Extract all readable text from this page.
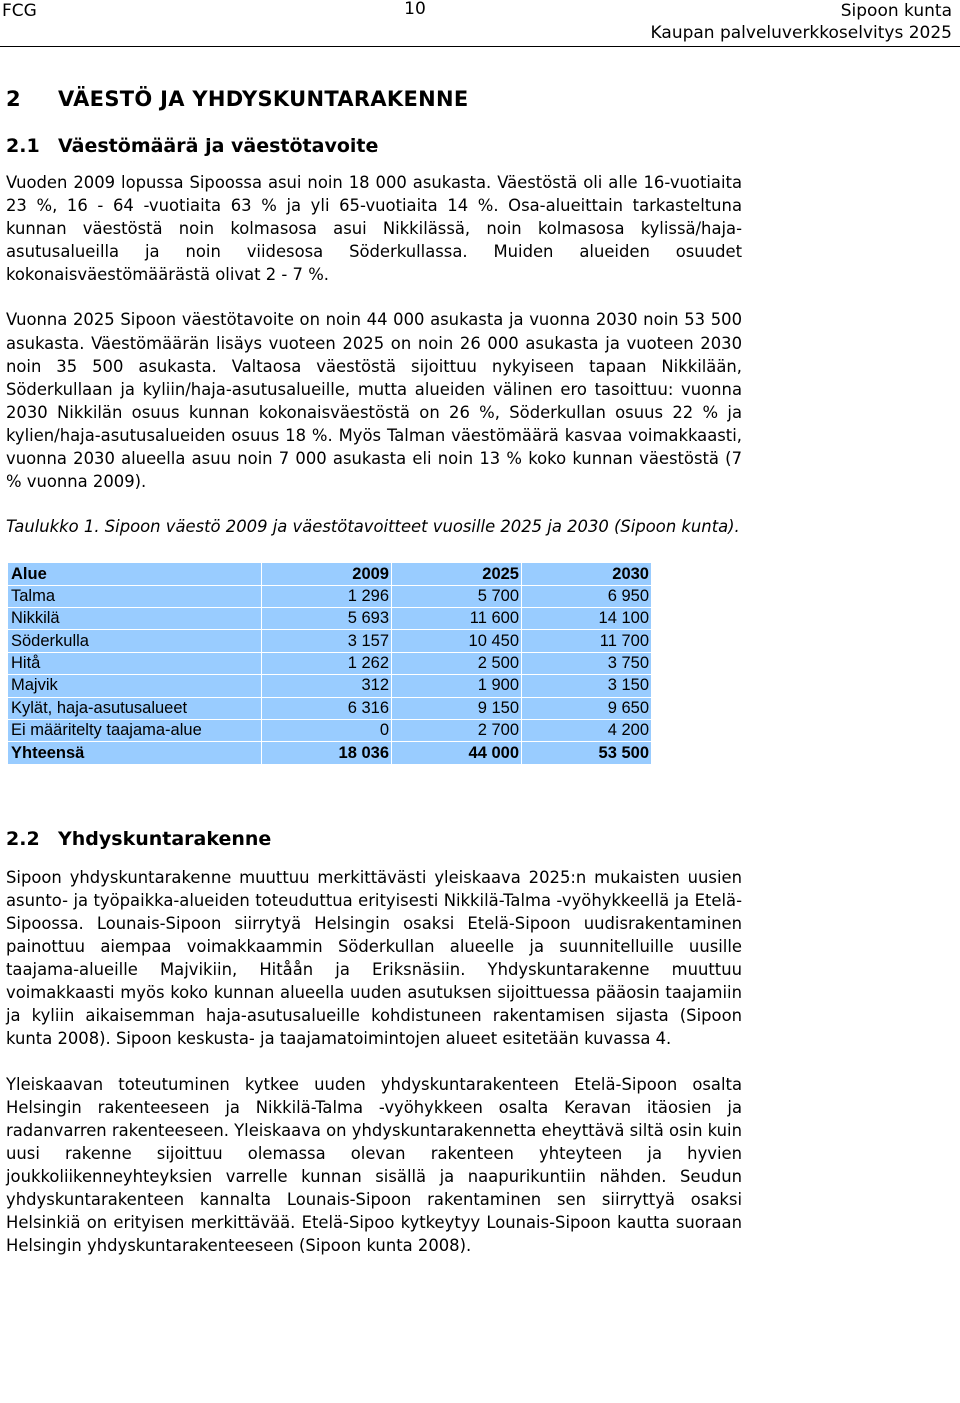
FCG	10	Sipoon kunta
Kaupan palveluverkkoselvitys 2025
2 VÄESTÖ JA YHDYSKUNTARAKENNE
2.1 Väestömäärä ja väestötavoite

Vuoden 2009 lopussa Sipoossa asui noin 18 000 asukasta. Väestöstä oli alle 16-vuotiaita 23 %, 16 - 64 -vuotiaita 63 % ja yli 65-vuotiaita 14 %. Osa-alueittain tarkasteltuna kunnan väestöstä noin kolmasosa asui Nikkilässä, noin kolmasosa kylissä/haja-asutusalueilla ja noin viidesosa Söderkullassa. Muiden alueiden osuudet kokonaisväestömäärästä olivat 2 - 7 %.

Vuonna 2025 Sipoon väestötavoite on noin 44 000 asukasta ja vuonna 2030 noin 53 500 asukasta. Väestömäärän lisäys vuoteen 2025 on noin 26 000 asukasta ja vuoteen 2030 noin 35 500 asukasta. Valtaosa väestöstä sijoittuu nykyiseen tapaan Nikkilään, Söderkullaan ja kyliin/haja-asutusalueille, mutta alueiden välinen ero tasoittuu: vuonna 2030 Nikkilän osuus kunnan kokonaisväestöstä on 26 %, Söderkullan osuus 22 % ja kylien/haja-asutusalueiden osuus 18 %. Myös Talman väestömäärä kasvaa voimakkaasti, vuonna 2030 alueella asuu noin 7 000 asukasta eli noin 13 % koko kunnan väestöstä (7 % vuonna 2009).

Taulukko 1. Sipoon väestö 2009 ja väestötavoitteet vuosille 2025 ja 2030 (Sipoon kunta).
Alue	2009	2025	2030
Talma	1 296	5 700	6 950
Nikkilä	5 693	11 600	14 100
Söderkulla	3 157	10 450	11 700
Hitå	1 262	2 500	3 750
Majvik	312	1 900	3 150
Kylät, haja-asutusalueet	6 316	9 150	9 650
Ei määritelty taajama-alue	0	2 700	4 200
Yhteensä	18 036	44 000	53 500
2.2 Yhdyskuntarakenne

Sipoon yhdyskuntarakenne muuttuu merkittävästi yleiskaava 2025:n mukaisten uusien asunto- ja työpaikka-alueiden toteuduttua erityisesti Nikkilä-Talma -vyöhykkeellä ja Etelä-Sipoossa. Lounais-Sipoon siirrytyä Helsingin osaksi Etelä-Sipoon uudisrakentaminen painottuu aiempaa voimakkaammin Söderkullan alueelle ja suunnitelluille uusille taajama-alueille Majvikiin, Hitåån ja Eriksnäsiin. Yhdyskuntarakenne muuttuu voimakkaasti myös koko kunnan alueella uuden asutuksen sijoittuessa pääosin taajamiin ja kyliin aikaisemman haja-asutusalueille kohdistuneen rakentamisen sijasta (Sipoon kunta 2008). Sipoon keskusta- ja taajamatoimintojen alueet esitetään kuvassa 4.

Yleiskaavan toteutuminen kytkee uuden yhdyskuntarakenteen Etelä-Sipoon osalta Helsingin rakenteeseen ja Nikkilä-Talma -vyöhykkeen osalta Keravan itäosien ja radanvarren rakenteeseen. Yleiskaava on yhdyskuntarakennetta eheyttävä siltä osin kuin uusi rakenne sijoittuu olemassa olevan rakenteen yhteyteen ja hyvien joukkoliikenneyhteyksien varrelle kunnan sisällä ja naapurikuntiin nähden. Seudun yhdyskuntarakenteen kannalta Lounais-Sipoon rakentaminen sen siirryttyä osaksi Helsinkiä on erityisen merkittävää. Etelä-Sipoo kytkeytyy Lounais-Sipoon kautta suoraan Helsingin yhdyskuntarakenteeseen (Sipoon kunta 2008).
